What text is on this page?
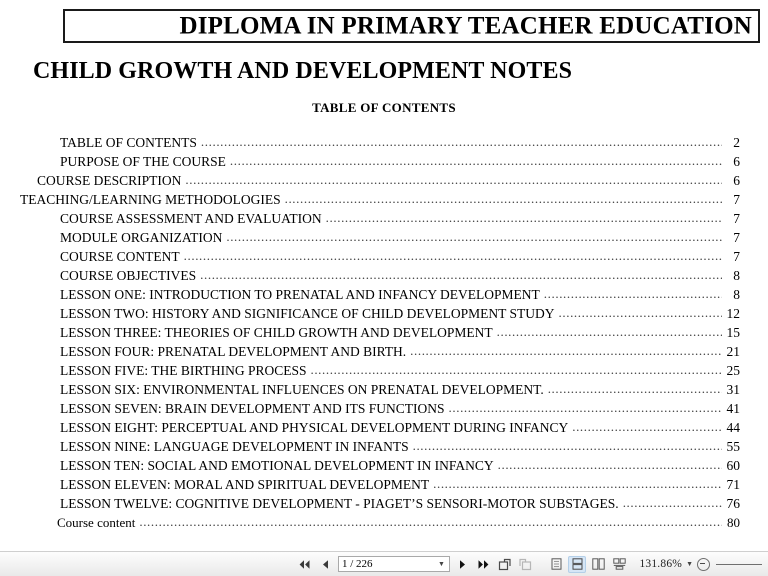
DIPLOMA IN PRIMARY TEACHER EDUCATION
CHILD GROWTH AND DEVELOPMENT NOTES
TABLE OF CONTENTS
TABLE OF CONTENTS .....	2
PURPOSE OF THE COURSE .....	6
COURSE DESCRIPTION .....	6
TEACHING/LEARNING METHODOLOGIES .....	7
COURSE ASSESSMENT AND EVALUATION .....	7
MODULE ORGANIZATION .....	7
COURSE CONTENT .....	7
COURSE OBJECTIVES .....	8
LESSON ONE: INTRODUCTION TO PRENATAL AND INFANCY DEVELOPMENT .....	8
LESSON TWO: HISTORY AND SIGNIFICANCE OF CHILD DEVELOPMENT STUDY .....	12
LESSON THREE: THEORIES OF CHILD GROWTH AND DEVELOPMENT .....	15
LESSON FOUR: PRENATAL DEVELOPMENT AND BIRTH. .....	21
LESSON FIVE: THE BIRTHING PROCESS .....	25
LESSON SIX: ENVIRONMENTAL INFLUENCES ON PRENATAL DEVELOPMENT. .....	31
LESSON SEVEN: BRAIN DEVELOPMENT AND ITS FUNCTIONS .....	41
LESSON EIGHT: PERCEPTUAL AND PHYSICAL DEVELOPMENT DURING INFANCY .....	44
LESSON NINE: LANGUAGE DEVELOPMENT IN INFANTS .....	55
LESSON TEN: SOCIAL AND EMOTIONAL DEVELOPMENT IN INFANCY .....	60
LESSON ELEVEN: MORAL AND SPIRITUAL DEVELOPMENT .....	71
LESSON TWELVE: COGNITIVE DEVELOPMENT - PIAGET’S SENSORI-MOTOR SUBSTAGES. .....	76
Course content .....	80
1 / 226	▼	131.86% ▼
